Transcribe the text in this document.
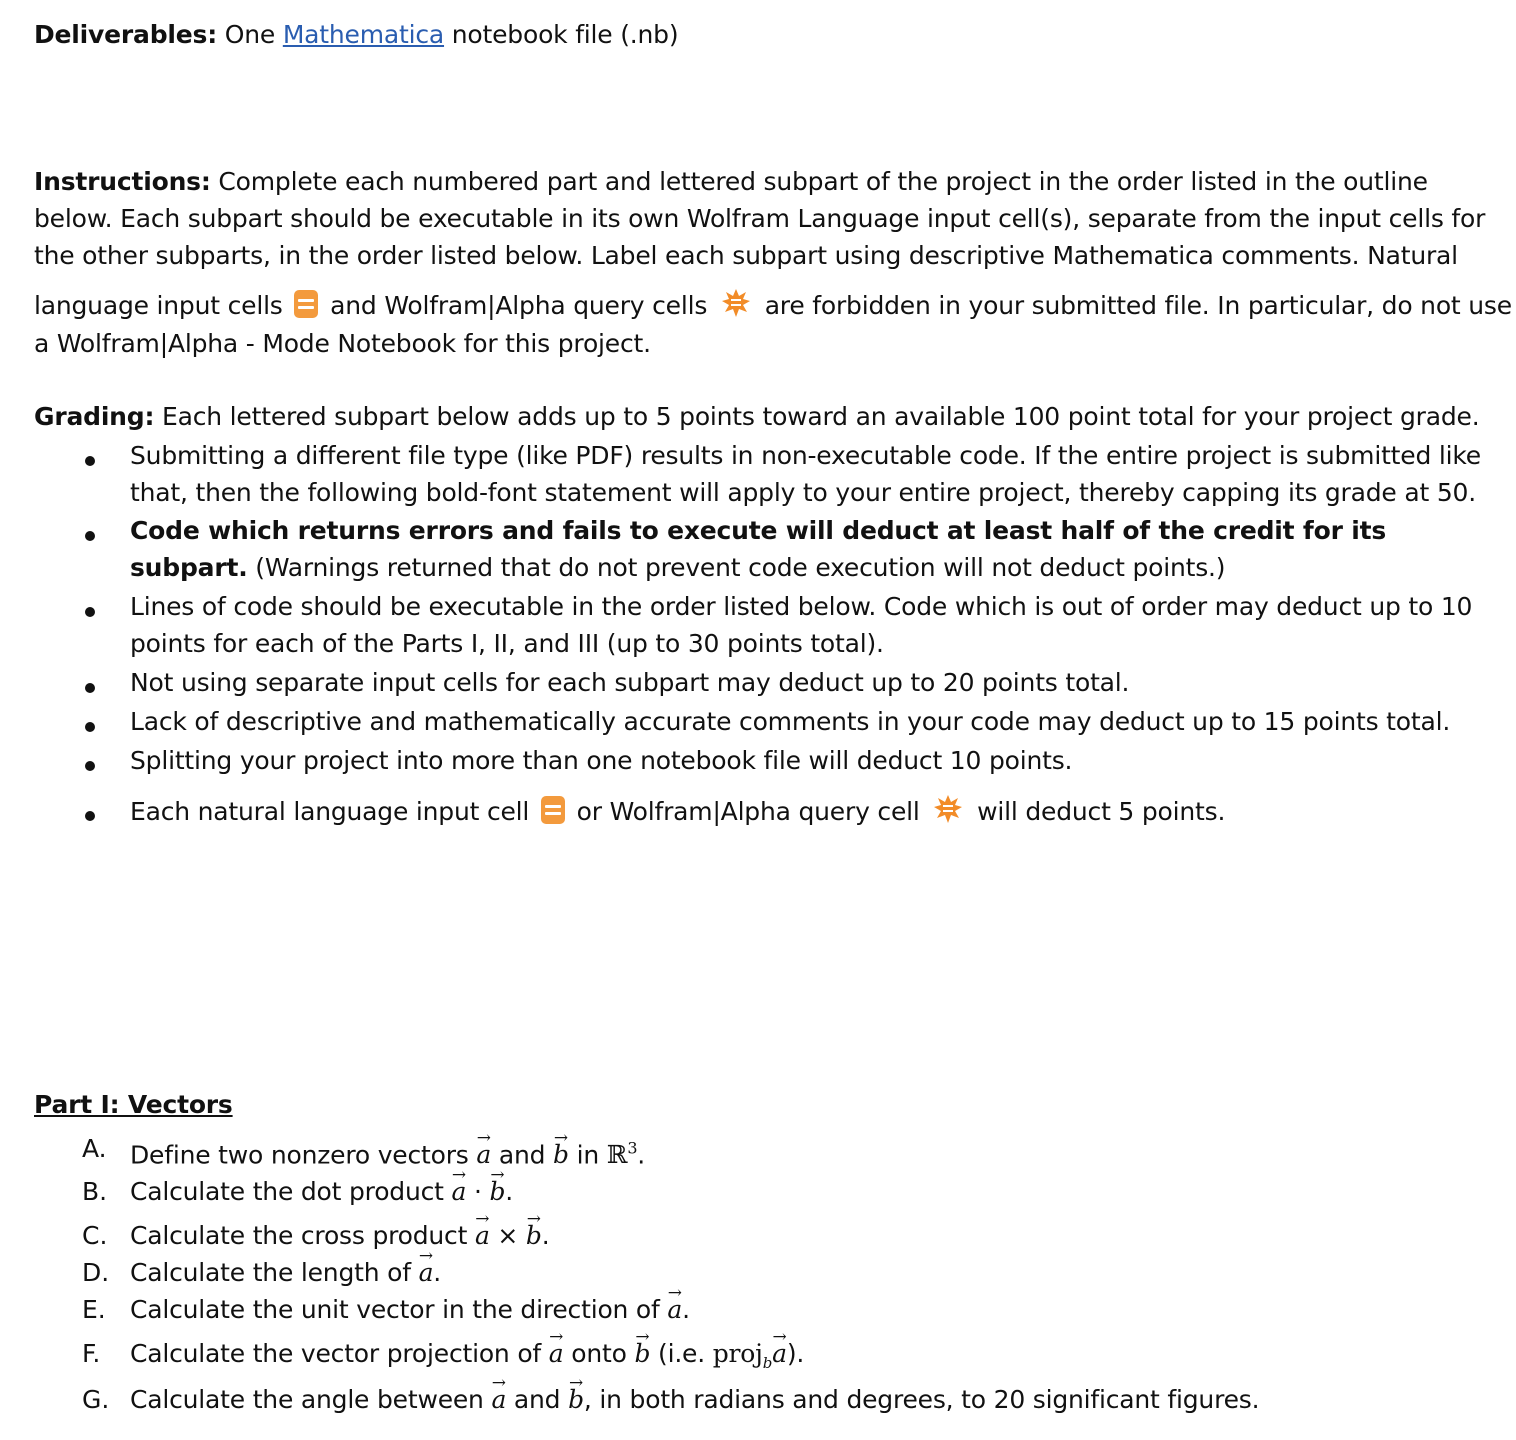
Deliverables: One Mathematica notebook file (.nb)
Instructions: Complete each numbered part and lettered subpart of the project in the order listed in the outline
below. Each subpart should be executable in its own Wolfram Language input cell(s), separate from the input cells for
the other subparts, in the order listed below. Label each subpart using descriptive Mathematica comments. Natural
language input cells and Wolfram|Alpha query cells are forbidden in your submitted file. In particular, do not use
a Wolfram|Alpha - Mode Notebook for this project.
Grading: Each lettered subpart below adds up to 5 points toward an available 100 point total for your project grade.
Submitting a different file type (like PDF) results in non-executable code. If the entire project is submitted like
that, then the following bold-font statement will apply to your entire project, thereby capping its grade at 50.
Code which returns errors and fails to execute will deduct at least half of the credit for its
subpart. (Warnings returned that do not prevent code execution will not deduct points.)
Lines of code should be executable in the order listed below. Code which is out of order may deduct up to 10
points for each of the Parts I, II, and III (up to 30 points total).
Not using separate input cells for each subpart may deduct up to 20 points total.
Lack of descriptive and mathematically accurate comments in your code may deduct up to 15 points total.
Splitting your project into more than one notebook file will deduct 10 points.
Each natural language input cell or Wolfram|Alpha query cell will deduct 5 points.
Part I: Vectors
A. Define two nonzero vectors → a and → b in ℝ$^3$.
B. Calculate the dot product → a · → b.
C. Calculate the cross product → a × → b.
D. Calculate the length of → a.
E. Calculate the unit vector in the direction of → a.
F. Calculate the vector projection of → a onto → b (i.e. proj$_b$→ a).
G. Calculate the angle between → a and → b, in both radians and degrees, to 20 significant figures.
